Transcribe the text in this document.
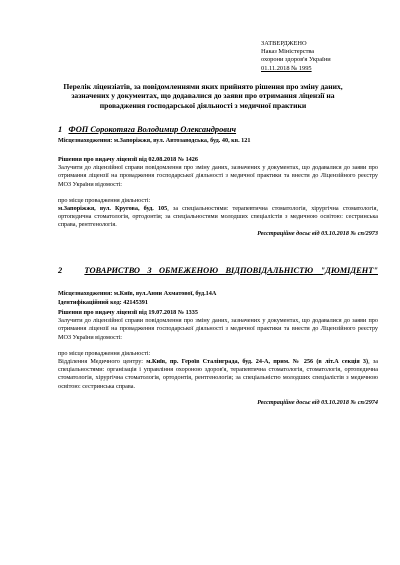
ЗАТВЕРДЖЕНО
Наказ Міністерства
охорони здоров'я України
01.11.2018 № 1995
Перелік ліцензіатів, за повідомленнями яких прийнято рішення про зміну даних, зазначених у документах, що додавалися до заяви про отримання ліцензії на провадження господарської діяльності з медичної практики
1 ФОП Сорокотяга Володимир Олександрович
Місцезнаходження: м.Запоріжжя, вул. Автозаводська, буд. 40, кв. 121
Рішення про видачу ліцензії від 02.08.2018 № 1426
Залучити до ліцензійної справи повідомлення про зміну даних, зазначених у документах, що додавалися до заяви про отримання ліцензії на провадження господарської діяльності з медичної практики та внести до Ліцензійного реєстру МОЗ України відомості:
про місце провадження діяльності:
м.Запоріжжя, вул. Кругова, буд. 105, за спеціальностями: терапевтична стоматологія, хірургічна стоматологія, ортопедична стоматологія, ортодонтія; за спеціальностями молодших спеціалістів з медичною освітою: сестринська справа, рентгенологія.
Реєстраційне досьє від 03.10.2018 № сп/2973
2	ТОВАРИСТВО З ОБМЕЖЕНОЮ ВІДПОВІДАЛЬНІСТЮ "ДЮМІДЕНТ"
Місцезнаходження: м.Київ, вул.Анни Ахматової, буд.14А
Ідентифікаційний код: 42145391
Рішення про видачу ліцензії від 19.07.2018 № 1335
Залучити до ліцензійної справи повідомлення про зміну даних, зазначених у документах, що додавалися до заяви про отримання ліцензії на провадження господарської діяльності з медичної практики та внести до Ліцензійного реєстру МОЗ України відомості:
про місце провадження діяльності:
Відділення Медичного центру: м.Київ, пр. Героїв Сталінграда, буд. 24-А, прим. № 256 (в літ.А секція 3), за спеціальностями: організація і управління охороною здоров'я, терапевтична стоматологія, стоматологія, ортопедична стоматологія, хірургічна стоматологія, ортодонтія, рентгенологія; за спеціальністю молодших спеціалістів з медичною освітою: сестринська справа.
Реєстраційне досьє від 03.10.2018 № сп/2974
